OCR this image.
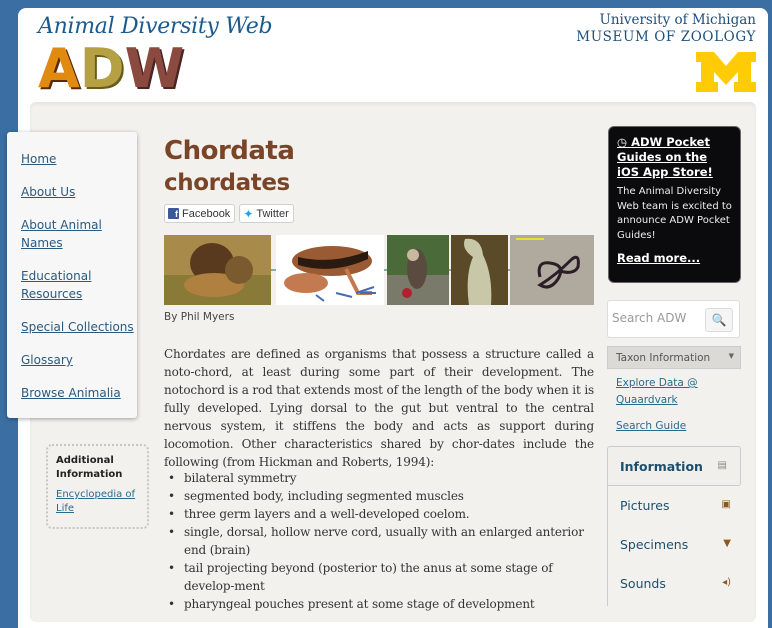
Animal Diversity Web
A D W
University of Michigan
MUSEUM OF ZOOLOGY
Home
About Us
About Animal Names
Educational Resources
Special Collections
Glossary
Browse Animalia
Additional Information
Encyclopedia of Life
Chordata
chordates
f Facebook ✦ Twitter
By Phil Myers

Chordates are defined as organisms that possess a structure called a noto-chord, at least during some part of their development. The notochord is a rod that extends most of the length of the body when it is fully developed. Lying dorsal to the gut but ventral to the central nervous system, it stiffens the body and acts as support during locomotion. Other characteristics shared by chor-dates include the following (from Hickman and Roberts, 1994):

• bilateral symmetry
• segmented body, including segmented muscles
• three germ layers and a well-developed coelom.
• single, dorsal, hollow nerve cord, usually with an enlarged anterior end (brain)
• tail projecting beyond (posterior to) the anus at some stage of develop-ment
• pharyngeal pouches present at some stage of development
◷ ADW Pocket Guides on the iOS App Store!
The Animal Diversity Web team is excited to announce ADW Pocket Guides!
Read more...
Search ADW
🔍
Taxon Information	▼
Explore Data @ Quaardvark
Search Guide
Information ▤
Pictures	▣
Specimens	▼
Sounds	◂)
